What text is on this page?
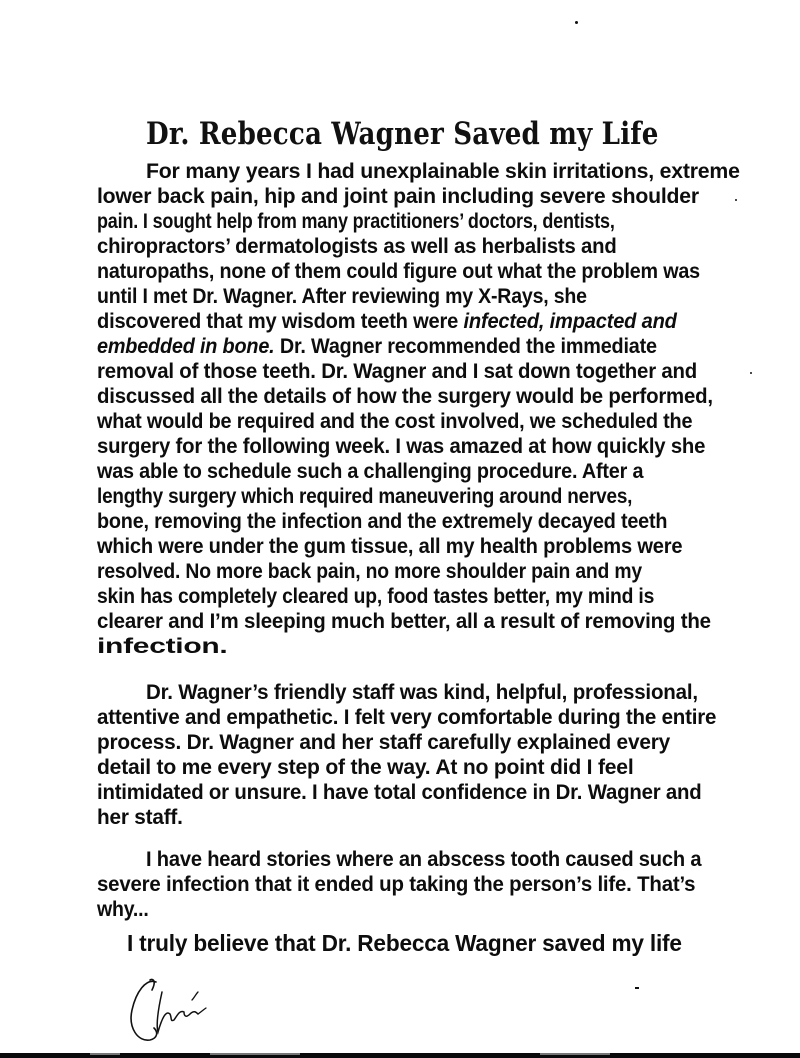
Dr. Rebecca Wagner Saved my Life
For many years I had unexplainable skin irritations, extreme
lower back pain, hip and joint pain including severe shoulder
pain. I sought help from many practitioners’ doctors, dentists,
chiropractors’ dermatologists as well as herbalists and
naturopaths, none of them could figure out what the problem was
until I met Dr. Wagner. After reviewing my X-Rays, she
discovered that my wisdom teeth were infected, impacted and
embedded in bone. Dr. Wagner recommended the immediate
removal of those teeth. Dr. Wagner and I sat down together and
discussed all the details of how the surgery would be performed,
what would be required and the cost involved, we scheduled the
surgery for the following week. I was amazed at how quickly she
was able to schedule such a challenging procedure. After a
lengthy surgery which required maneuvering around nerves,
bone, removing the infection and the extremely decayed teeth
which were under the gum tissue, all my health problems were
resolved. No more back pain, no more shoulder pain and my
skin has completely cleared up, food tastes better, my mind is
clearer and I’m sleeping much better, all a result of removing the
infection.
Dr. Wagner’s friendly staff was kind, helpful, professional,
attentive and empathetic. I felt very comfortable during the entire
process. Dr. Wagner and her staff carefully explained every
detail to me every step of the way. At no point did I feel
intimidated or unsure. I have total confidence in Dr. Wagner and
her staff.
I have heard stories where an abscess tooth caused such a
severe infection that it ended up taking the person’s life. That’s
why...
I truly believe that Dr. Rebecca Wagner saved my life
